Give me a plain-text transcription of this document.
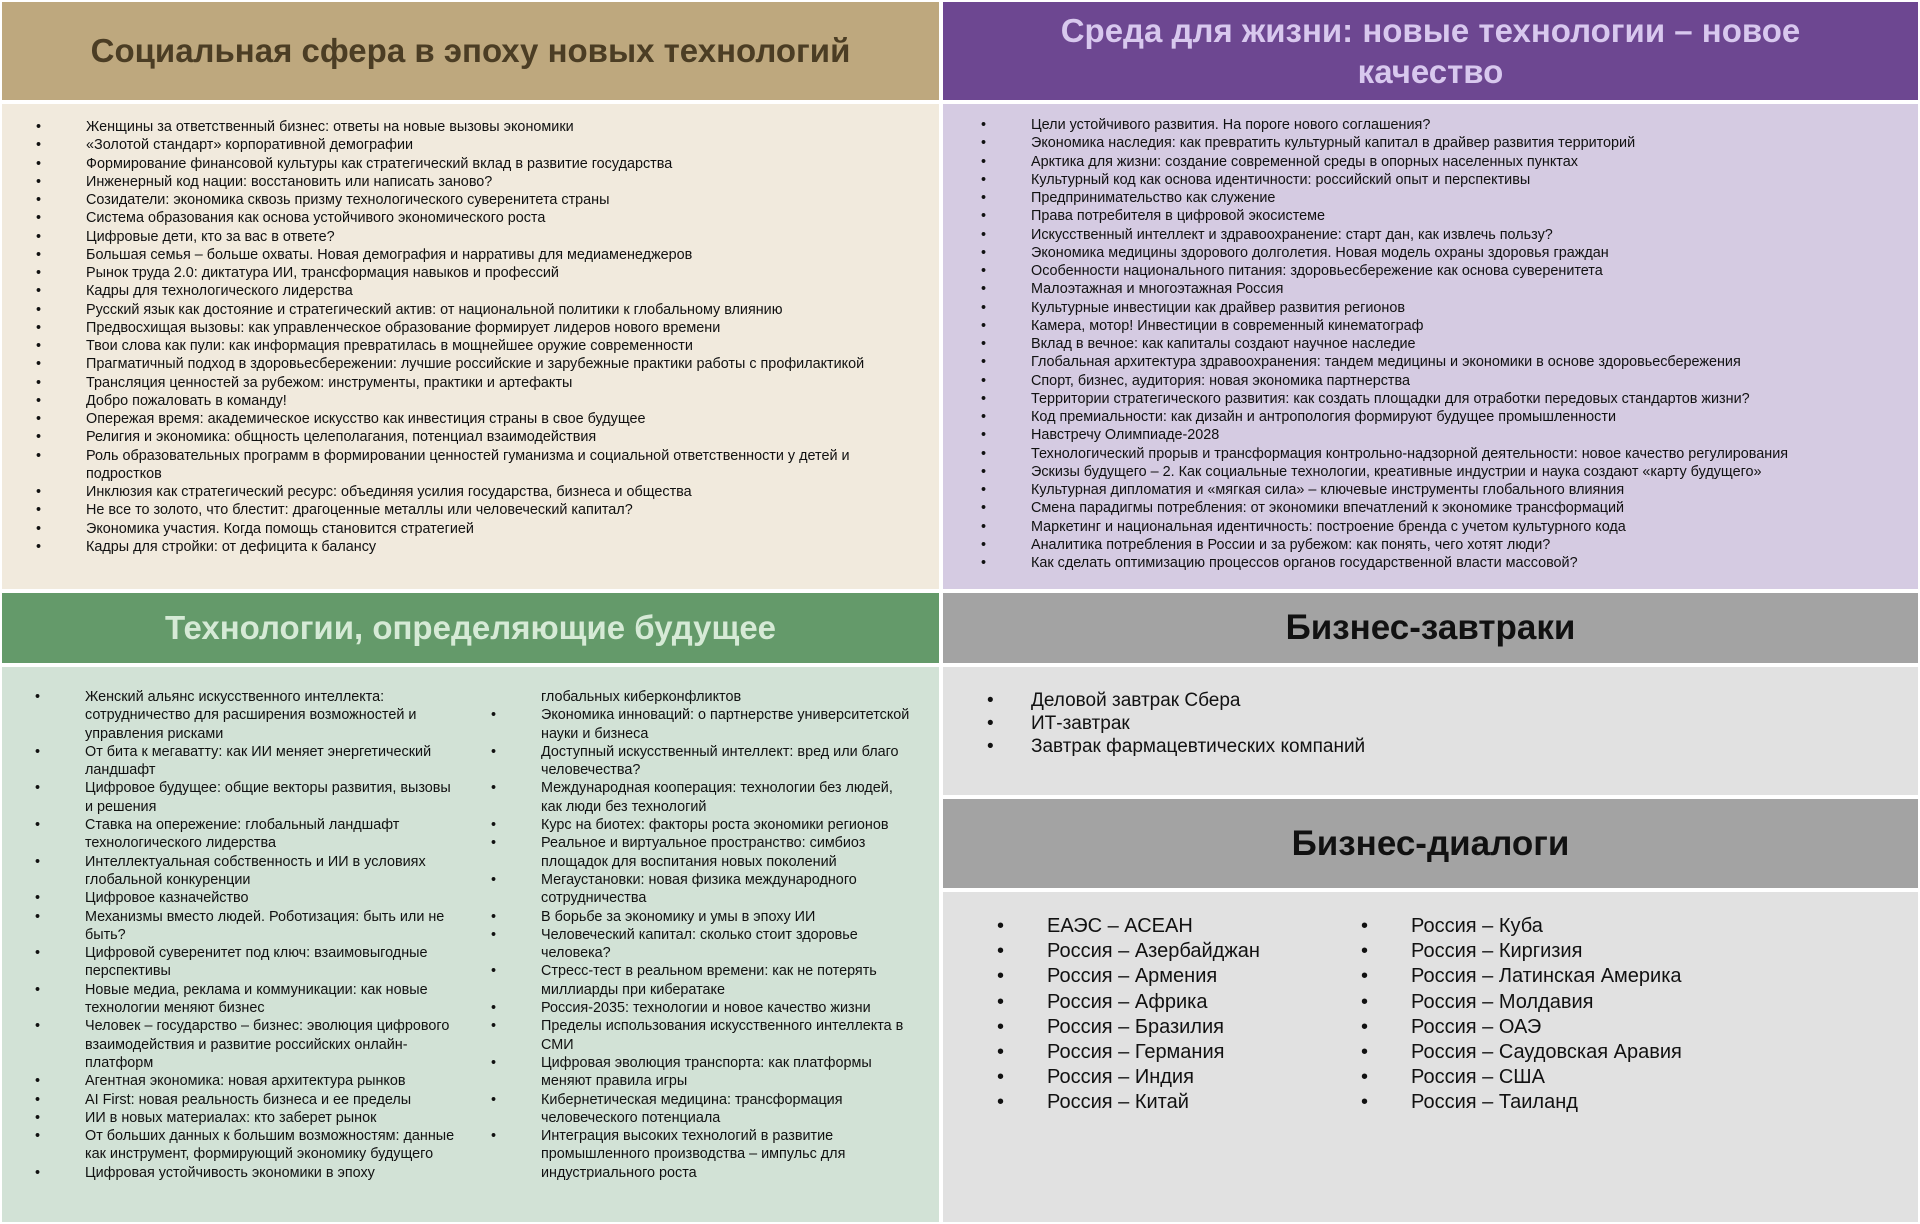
Социальная сфера в эпоху новых технологий
• Женщины за ответственный бизнес: ответы на новые вызовы экономики
• «Золотой стандарт» корпоративной демографии
• Формирование финансовой культуры как стратегический вклад в развитие государства
• Инженерный код нации: восстановить или написать заново?
• Созидатели: экономика сквозь призму технологического суверенитета страны
• Система образования как основа устойчивого экономического роста
• Цифровые дети, кто за вас в ответе?
• Большая семья – больше охваты. Новая демография и нарративы для медиаменеджеров
• Рынок труда 2.0: диктатура ИИ, трансформация навыков и профессий
• Кадры для технологического лидерства
• Русский язык как достояние и стратегический актив: от национальной политики к глобальному влиянию
• Предвосхищая вызовы: как управленческое образование формирует лидеров нового времени
• Твои слова как пули: как информация превратилась в мощнейшее оружие современности
• Прагматичный подход в здоровьесбережении: лучшие российские и зарубежные практики работы с профилактикой
• Трансляция ценностей за рубежом: инструменты, практики и артефакты
• Добро пожаловать в команду!
• Опережая время: академическое искусство как инвестиция страны в свое будущее
• Религия и экономика: общность целеполагания, потенциал взаимодействия
• Роль образовательных программ в формировании ценностей гуманизма и социальной ответственности у детей и подростков
• Инклюзия как стратегический ресурс: объединяя усилия государства, бизнеса и общества
• Не все то золото, что блестит: драгоценные металлы или человеческий капитал?
• Экономика участия. Когда помощь становится стратегией
• Кадры для стройки: от дефицита к балансу
Среда для жизни: новые технологии – новое качество
• Цели устойчивого развития. На пороге нового соглашения?
• Экономика наследия: как превратить культурный капитал в драйвер развития территорий
• Арктика для жизни: создание современной среды в опорных населенных пунктах
• Культурный код как основа идентичности: российский опыт и перспективы
• Предпринимательство как служение
• Права потребителя в цифровой экосистеме
• Искусственный интеллект и здравоохранение: старт дан, как извлечь пользу?
• Экономика медицины здорового долголетия. Новая модель охраны здоровья граждан
• Особенности национального питания: здоровьесбережение как основа суверенитета
• Малоэтажная и многоэтажная Россия
• Культурные инвестиции как драйвер развития регионов
• Камера, мотор! Инвестиции в современный кинематограф
• Вклад в вечное: как капиталы создают научное наследие
• Глобальная архитектура здравоохранения: тандем медицины и экономики в основе здоровьесбережения
• Спорт, бизнес, аудитория: новая экономика партнерства
• Территории стратегического развития: как создать площадки для отработки передовых стандартов жизни?
• Код премиальности: как дизайн и антропология формируют будущее промышленности
• Навстречу Олимпиаде-2028
• Технологический прорыв и трансформация контрольно-надзорной деятельности: новое качество регулирования
• Эскизы будущего – 2. Как социальные технологии, креативные индустрии и наука создают «карту будущего»
• Культурная дипломатия и «мягкая сила» – ключевые инструменты глобального влияния
• Смена парадигмы потребления: от экономики впечатлений к экономике трансформаций
• Маркетинг и национальная идентичность: построение бренда с учетом культурного кода
• Аналитика потребления в России и за рубежом: как понять, чего хотят люди?
• Как сделать оптимизацию процессов органов государственной власти массовой?
Технологии, определяющие будущее
• Женский альянс искусственного интеллекта: сотрудничество для расширения возможностей и управления рисками
• От бита к мегаватту: как ИИ меняет энергетический ландшафт
• Цифровое будущее: общие векторы развития, вызовы и решения
• Ставка на опережение: глобальный ландшафт технологического лидерства
• Интеллектуальная собственность и ИИ в условиях глобальной конкуренции
• Цифровое казначейство
• Механизмы вместо людей. Роботизация: быть или не быть?
• Цифровой суверенитет под ключ: взаимовыгодные перспективы
• Новые медиа, реклама и коммуникации: как новые технологии меняют бизнес
• Человек – государство – бизнес: эволюция цифрового взаимодействия и развитие российских онлайн-платформ
• Агентная экономика: новая архитектура рынков
• AI First: новая реальность бизнеса и ее пределы
• ИИ в новых материалах: кто заберет рынок
• От больших данных к большим возможностям: данные как инструмент, формирующий экономику будущего
• Цифровая устойчивость экономики в эпоху
глобальных киберконфликтов
• Экономика инноваций: о партнерстве университетской науки и бизнеса
• Доступный искусственный интеллект: вред или благо человечества?
• Международная кооперация: технологии без людей, как люди без технологий
• Курс на биотех: факторы роста экономики регионов
• Реальное и виртуальное пространство: симбиоз площадок для воспитания новых поколений
• Мегаустановки: новая физика международного сотрудничества
• В борьбе за экономику и умы в эпоху ИИ
• Человеческий капитал: сколько стоит здоровье человека?
• Стресс-тест в реальном времени: как не потерять миллиарды при кибератаке
• Россия-2035: технологии и новое качество жизни
• Пределы использования искусственного интеллекта в СМИ
• Цифровая эволюция транспорта: как платформы меняют правила игры
• Кибернетическая медицина: трансформация человеческого потенциала
• Интеграция высоких технологий в развитие промышленного производства – импульс для индустриального роста
Бизнес-завтраки
• Деловой завтрак Сбера
• ИТ-завтрак
• Завтрак фармацевтических компаний
Бизнес-диалоги
• ЕАЭС – АСЕАН
• Россия – Азербайджан
• Россия – Армения
• Россия – Африка
• Россия – Бразилия
• Россия – Германия
• Россия – Индия
• Россия – Китай
• Россия – Куба
• Россия – Киргизия
• Россия – Латинская Америка
• Россия – Молдавия
• Россия – ОАЭ
• Россия – Саудовская Аравия
• Россия – США
• Россия – Таиланд
